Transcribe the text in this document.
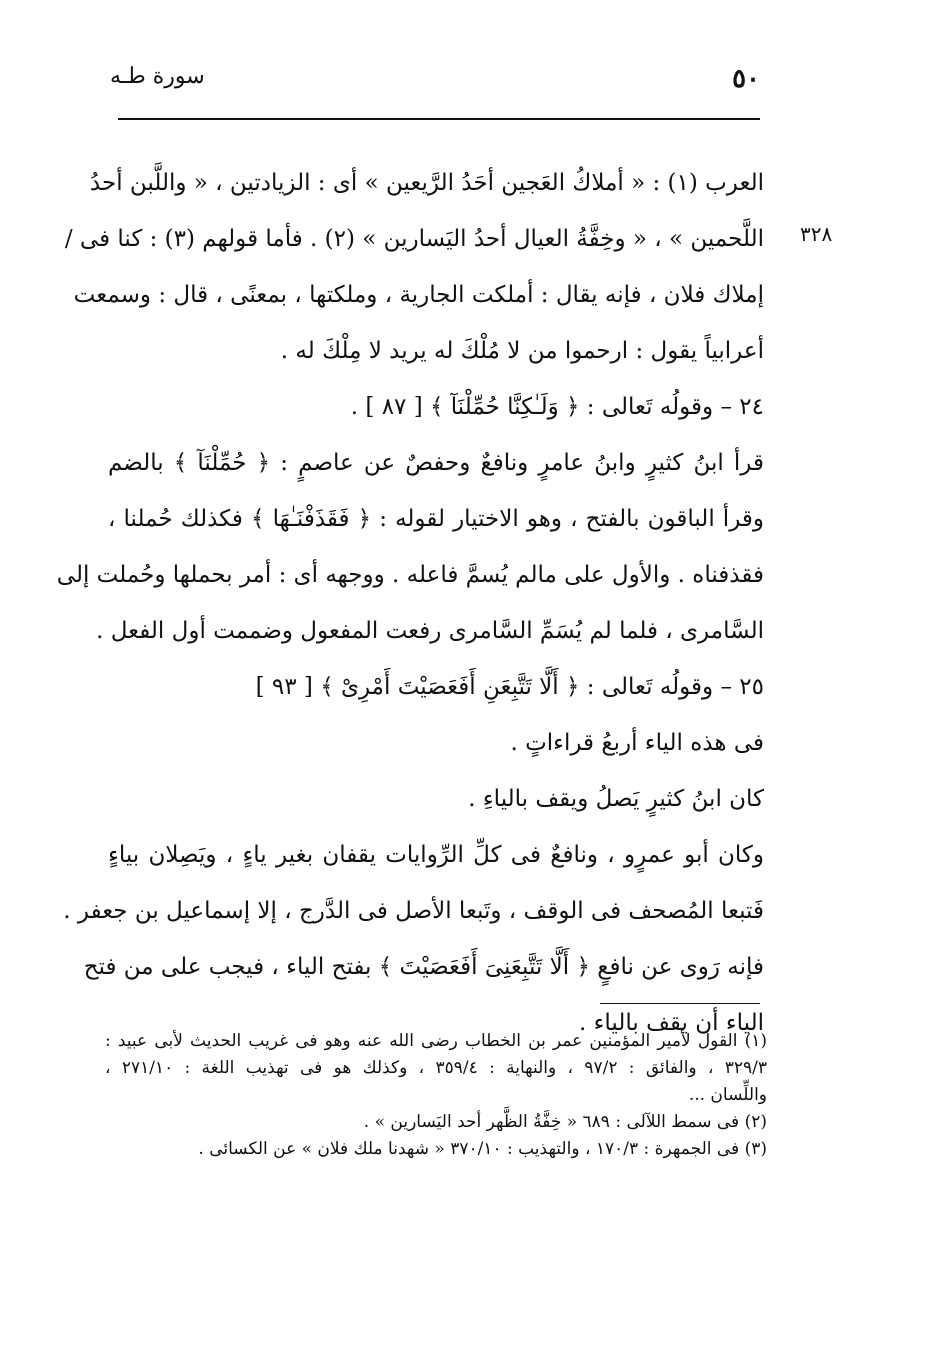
٥٠
سورة طـه
٣٢٨
العرب (١) : « أملاكُ العَجين أحَدُ الرَّيعين » أى : الزيادتين ، « واللَّبن أحدُ
اللَّحمين » ، « وخِفَّةُ العيال أحدُ اليَسارين » (٢) . فأما قولهم (٣) : كنا فى /
إملاك فلان ، فإنه يقال : أملكت الجارية ، وملكتها ، بمعنًى ، قال : وسمعت
أعرابياً يقول : ارحموا من لا مُلْكَ له يريد لا مِلْكَ له .
٢٤ – وقولُه تَعالى : ﴿ وَلَـٰكِنَّا حُمِّلْنَآ ﴾ [ ٨٧ ] .
قرأ ابنُ كثيرٍ وابنُ عامرٍ ونافعٌ وحفصٌ عن عاصمٍ : ﴿ حُمِّلْنَآ ﴾ بالضم
وقرأ الباقون بالفتح ، وهو الاختيار لقوله : ﴿ فَقَذَفْنَـٰهَا ﴾ فكذلك حُملنا ،
فقذفناه . والأول على مالم يُسمَّ فاعله . ووجهه أى : أمر بحملها وحُملت إلى
السَّامرى ، فلما لم يُسَمِّ السَّامرى رفعت المفعول وضممت أول الفعل .
٢٥ – وقولُه تَعالى : ﴿ أَلَّا تَتَّبِعَنِ أَفَعَصَيْتَ أَمْرِىْ ﴾ [ ٩٣ ]
فى هذه الياء أربعُ قراءاتٍ .
كان ابنُ كثيرٍ يَصلُ ويقف بالياءِ .
وكان أبو عمرٍو ، ونافعٌ فى كلِّ الرِّوايات يقفان بغير ياءٍ ، ويَصِلان بياءٍ
فَتبعا المُصحف فى الوقف ، وتَبعا الأصل فى الدَّرج ، إلا إسماعيل بن جعفر .
فإنه رَوى عن نافعٍ ﴿ أَلَّا تَتَّبِعَنِىَ أَفَعَصَيْتَ ﴾ بفتح الياء ، فيجب على من فتح
الياء أن يقف بالياء .
(١) القول لأمير المؤمنين عمر بن الخطاب رضى الله عنه وهو فى غريب الحديث لأبى عبيد :
٣٢٩/٣ ، والفائق : ٩٧/٢ ، والنهاية : ٣٥٩/٤ ، وكذلك هو فى تهذيب اللغة : ٢٧١/١٠ ،
واللِّسان ...
(٢) فى سمط اللآلى : ٦٨٩ « خِفَّةُ الظَّهر أحد اليَسارين » .
(٣) فى الجمهرة : ١٧٠/٣ ، والتهذيب : ٣٧٠/١٠ « شهدنا ملك فلان » عن الكسائى .
